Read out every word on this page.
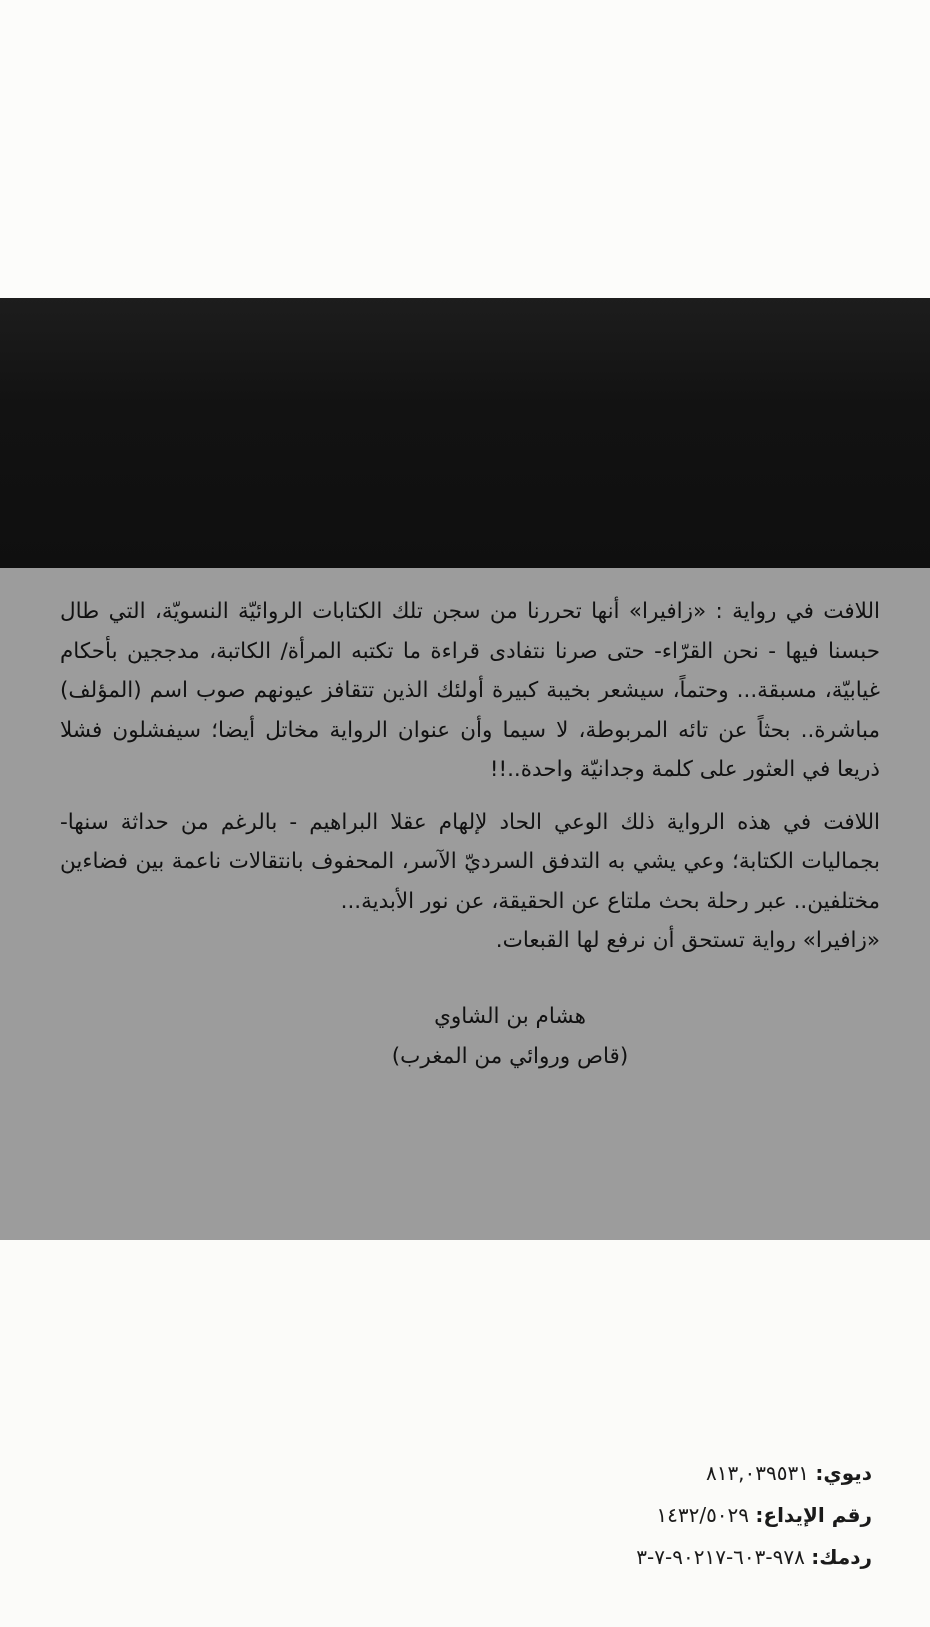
اللافت في رواية : «زافيرا» أنها تحررنا من سجن تلك الكتابات الروائيّة النسويّة، التي طال حبسنا فيها - نحن القرّاء- حتى صرنا نتفادى قراءة ما تكتبه المرأة/ الكاتبة، مدججين بأحكام غيابيّة، مسبقة... وحتماً، سيشعر بخيبة كبيرة أولئك الذين تتقافز عيونهم صوب اسم (المؤلف) مباشرة.. بحثاً عن تائه المربوطة، لا سيما وأن عنوان الرواية مخاتل أيضا؛ سيفشلون فشلا ذريعا في العثور على كلمة وجدانيّة واحدة..!!

اللافت في هذه الرواية ذلك الوعي الحاد لإلهام عقلا البراهيم - بالرغم من حداثة سنها- بجماليات الكتابة؛ وعي يشي به التدفق السرديّ الآسر، المحفوف بانتقالات ناعمة بين فضاءين مختلفين.. عبر رحلة بحث ملتاع عن الحقيقة، عن نور الأبدية...

«زافيرا» رواية تستحق أن نرفع لها القبعات.

هشام بن الشاوي
(قاص وروائي من المغرب)
ديوي: ٨١٣,٠٣٩٥٣١
رقم الإيداع: ١٤٣٢/٥٠٢٩
ردمك: ٩٧٨-٦٠٣-٩٠٢١٧-٧-٣
